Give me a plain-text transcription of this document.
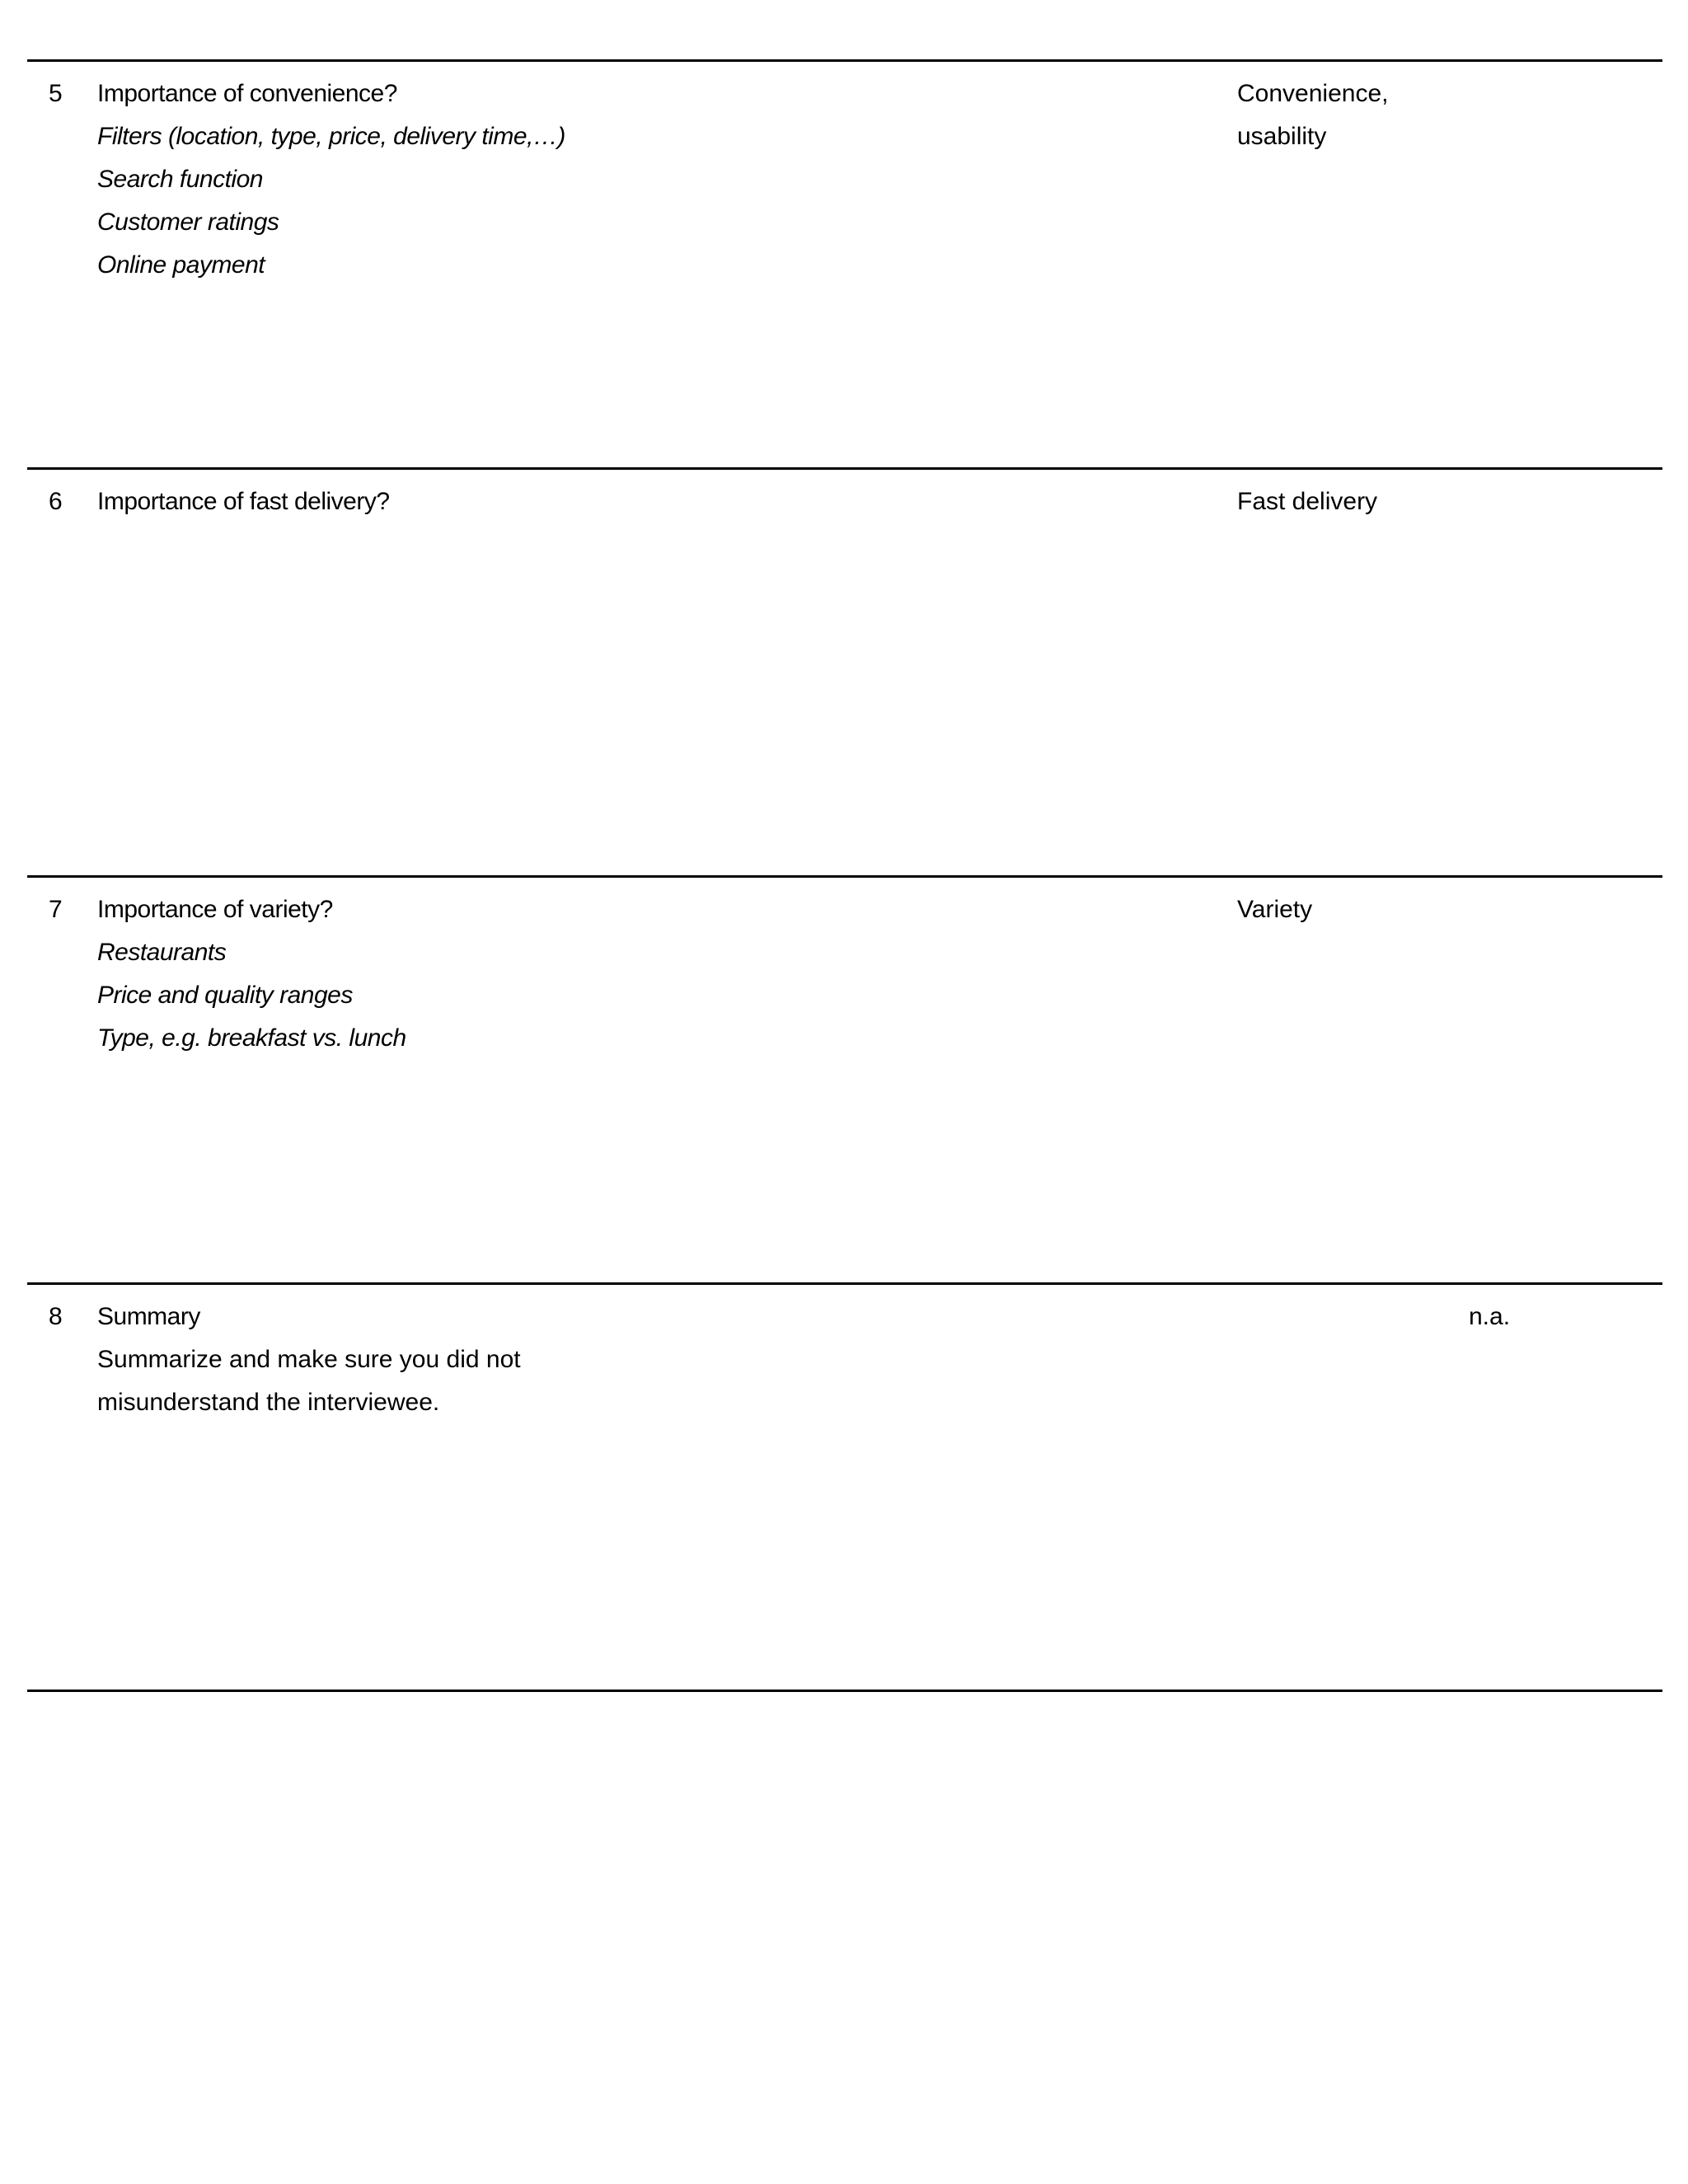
5 Importance of convenience?
Filters (location, type, price, delivery time,…)
Search function
Customer ratings
Online payment
Convenience,
usability
6 Importance of fast delivery?	Fast delivery
7 Importance of variety?
Restaurants
Price and quality ranges
Type, e.g. breakfast vs. lunch
Variety
8 Summary
Summarize and make sure you did not
misunderstand the interviewee.
n.a.
